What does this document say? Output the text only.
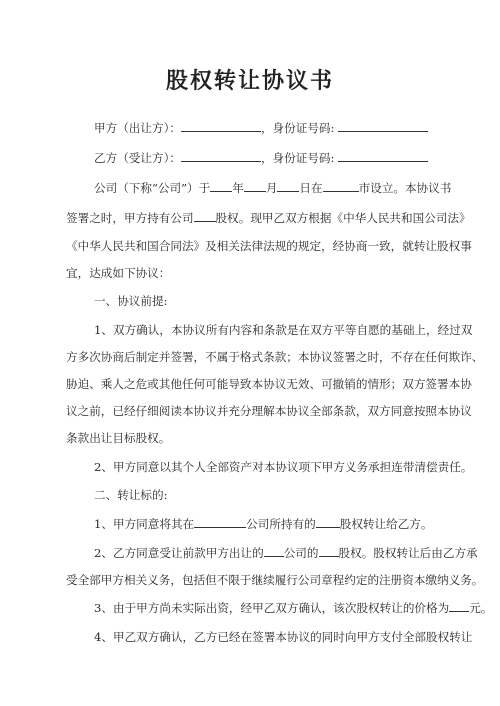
股权转让协议书
甲方（出让方）：	，身份证号码:
乙方（受让方）：	，身份证号码:
公司（下称“公司”）于 年 月 日在	市设立。本协议书
签署之时，甲方持有公司 股权。现甲乙双方根据《中华人民共和国公司法》
《中华人民共和国合同法》及相关法律法规的规定，经协商一致，就转让股权事
宜，达成如下协议：
一、协议前提:
1、双方确认，本协议所有内容和条款是在双方平等自愿的基础上，经过双
方多次协商后制定并签署，不属于格式条款；本协议签署之时，不存在任何欺诈、
胁迫、乘人之危或其他任何可能导致本协议无效、可撤销的情形；双方签署本协
议之前，已经仔细阅读本协议并充分理解本协议全部条款，双方同意按照本协议
条款出让目标股权。
2、甲方同意以其个人全部资产对本协议项下甲方义务承担连带清偿责任。
二、转让标的:
1、甲方同意将其在	公司所持有的 股权转让给乙方。
2、乙方同意受让前款甲方出让的 公司的 股权。股权转让后由乙方承
受全部甲方相关义务，包括但不限于继续履行公司章程约定的注册资本缴纳义务。
3、由于甲方尚未实际出资，经甲乙双方确认，该次股权转让的价格为 元。
4、甲乙双方确认，乙方已经在签署本协议的同时向甲方支付全部股权转让
